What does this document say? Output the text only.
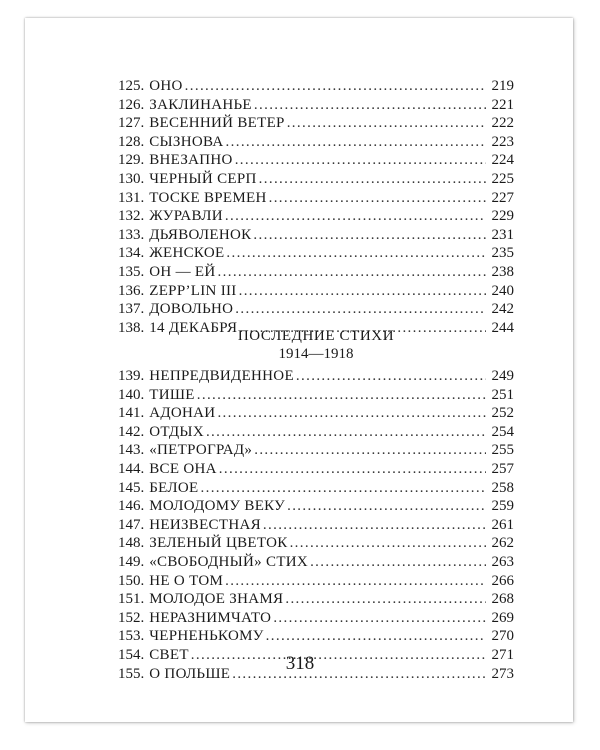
125. ОНО . . .	219
126. ЗАКЛИНАНЬЕ . . .	221
127. ВЕСЕННИЙ ВЕТЕР . . .	222
128. СЫЗНОВА . . .	223
129. ВНЕЗАПНО . . .	224
130. ЧЕРНЫЙ СЕРП . . .	225
131. ТОСКЕ ВРЕМЕН . . .	227
132. ЖУРАВЛИ . . .	229
133. ДЬЯВОЛЕНОК . . .	231
134. ЖЕНСКОЕ . . .	235
135. ОН — ЕЙ . . .	238
136. ZEPP’LIN III . . .	240
137. ДОВОЛЬНО . . .	242
138. 14 ДЕКАБРЯ . . .	244
ПОСЛЕДНИЕ СТИХИ
1914—1918
139. НЕПРЕДВИДЕННОЕ . . .	249
140. ТИШЕ . . .	251
141. АДОНАИ . . .	252
142. ОТДЫХ . . .	254
143. «ПЕТРОГРАД» . . .	255
144. ВСЕ ОНА . . .	257
145. БЕЛОЕ . . .	258
146. МОЛОДОМУ ВЕКУ . . .	259
147. НЕИЗВЕСТНАЯ . . .	261
148. ЗЕЛЕНЫЙ ЦВЕТОК . . .	262
149. «СВОБОДНЫЙ» СТИХ . . .	263
150. НЕ О ТОМ . . .	266
151. МОЛОДОЕ ЗНАМЯ . . .	268
152. НЕРАЗНИМЧАТО . . .	269
153. ЧЕРНЕНЬКОМУ . . .	270
154. СВЕТ . . .	271
155. О ПОЛЬШЕ . . .	273
318
